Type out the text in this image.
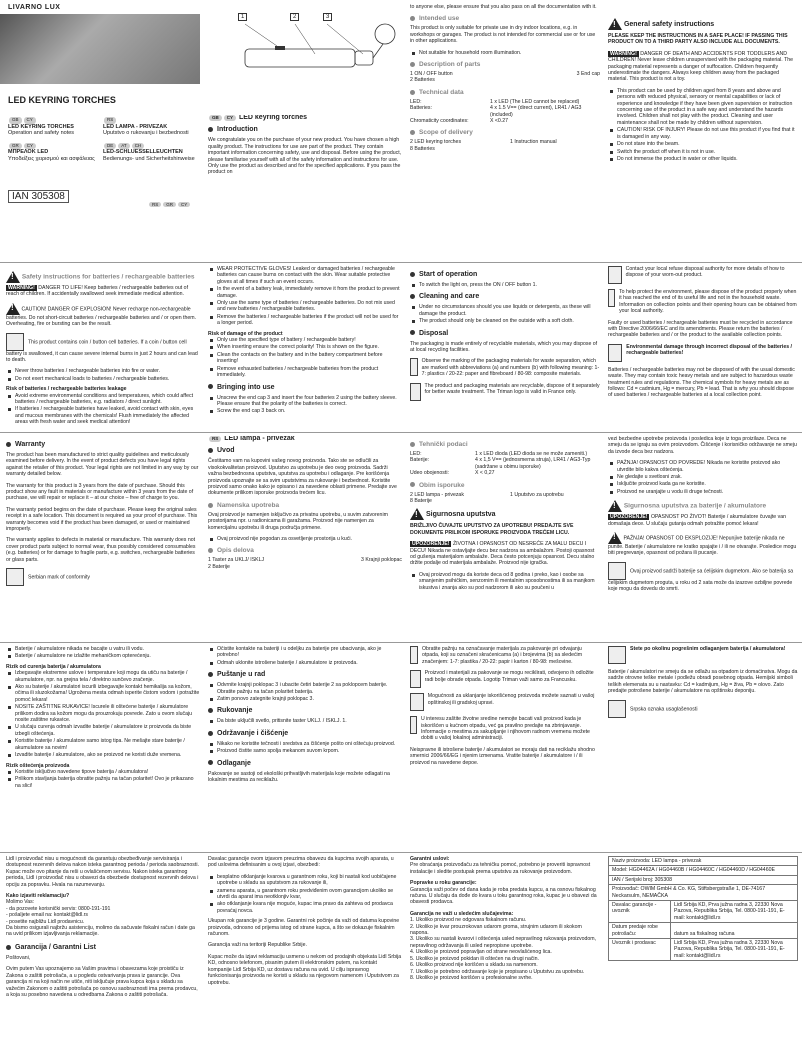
LIVARNO LUX
LED KEYRING TORCHES
GB CY
LED KEYRING TORCHES
Operation and safety notes
RS
LED LAMPA - PRIVEZAK
Uputstvo o rukovanju i bezbednosti
GR CY
ΜΠΡΕΛΟΚ LED
Υποδείξεις χειρισμού και ασφάλειας
DE AT CH
LED-SCHLUESSELLEUCHTEN
Bedienungs- und Sicherheitshinweise
IAN 305308
RS GR CY
1	2	3
GB CY LED keyring torches
Introduction

We congratulate you on the purchase of your new product. You have chosen a high quality product. The instructions for use are part of the product. They contain important information concerning safety, use and disposal. Before using the product, please familiarise yourself with all of the safety information and instructions for use. Only use the product as described and for the specified applications. If you pass the product on

to anyone else, please ensure that you also pass on all the documentation with it.

Intended use

This product is only suitable for private use in dry indoor locations, e.g. in workshops or garages. The product is not intended for commercial use or for use in other applications.

Not suitable for household room illumination.
Description of parts
1 ON / OFF button	3 End cap
2 Batteries
Technical data
LED:	1 x LED (The LED cannot be replaced)
Batteries:	4 x 1.5 V== (direct current), LR41 / AG3 (included)
Chromaticity coordinates:	X <0.27
Scope of delivery
2 LED keyring torches	1 Instruction manual
8 Batteries
! General safety instructions

PLEASE KEEP THE INSTRUCTIONS IN A SAFE PLACE! IF PASSING THIS PRODUCT ON TO A THIRD PARTY ALSO INCLUDE ALL DOCUMENTS.

WARNING! DANGER OF DEATH AND ACCIDENTS FOR TODDLERS AND CHILDREN! Never leave children unsupervised with the packaging material. The packaging material represents a danger of suffocation. Children frequently underestimate the dangers. Always keep children away from the packaged material. This product is not a toy.

This product can be used by children aged from 8 years and above and persons with reduced physical, sensory or mental capabilities or lack of experience and knowledge if they have been given supervision or instruction concerning use of the product in a safe way and understand the hazards involved. Children shall not play with the product. Cleaning and user maintenance shall not be made by children without supervision.
CAUTION! RISK OF INJURY! Please do not use this product if you find that it is damaged in any way.
Do not stare into the beam.
Switch the product off when it is not in use.
Do not immerse the product in water or other liquids.
! Safety instructions for batteries / rechargeable batteries

WARNING! DANGER TO LIFE! Keep batteries / rechargeable batteries out of reach of children. If accidentally swallowed seek immediate medical attention.

! CAUTION! DANGER OF EXPLOSION! Never recharge non-rechargeable batteries. Do not short-circuit batteries / rechargeable batteries and / or open them. Overheating, fire or bursting can be the result.

This product contains coin / button cell batteries. If a coin / button cell battery is swallowed, it can cause severe internal burns in just 2 hours and can lead to death.

Never throw batteries / rechargeable batteries into fire or water.
Do not exert mechanical loads to batteries / rechargeable batteries.
Risk of batteries / rechargeable batteries leakage
Avoid extreme environmental conditions and temperatures, which could affect batteries / rechargeable batteries, e.g. radiators / direct sunlight.
If batteries / rechargeable batteries have leaked, avoid contact with skin, eyes and mucous membranes with the chemicals! Flush immediately the affected areas with fresh water and seek medical attention!
WEAR PROTECTIVE GLOVES! Leaked or damaged batteries / rechargeable batteries can cause burns on contact with the skin. Wear suitable protective gloves at all times if such an event occurs.
In the event of a battery leak, immediately remove it from the product to prevent damage.
Only use the same type of batteries / rechargeable batteries. Do not mix used and new batteries / rechargeable batteries.
Remove the batteries / rechargeable batteries if the product will not be used for a longer period.
Risk of damage of the product
Only use the specified type of battery / rechargeable battery!
When inserting ensure the correct polarity! This is shown on the figure.
Clean the contacts on the battery and in the battery compartment before inserting!
Remove exhausted batteries / rechargeable batteries from the product immediately.
Bringing into use
Unscrew the end cap 3 and insert the four batteries 2 using the battery sleeve. Please ensure that the polarity of the batteries is correct.
Screw the end cap 3 back on.
Start of operation
To switch the light on, press the ON / OFF button 1.
Cleaning and care
Under no circumstances should you use liquids or detergents, as these will damage the product.
The product should only be cleaned on the outside with a soft cloth.
Disposal

The packaging is made entirely of recyclable materials, which you may dispose of at local recycling facilities.

Observe the marking of the packaging materials for waste separation, which are marked with abbreviations (a) and numbers (b) with following meaning: 1-7: plastics / 20-22: paper and fibreboard / 80-98: composite materials.

The product and packaging materials are recyclable, dispose of it separately for better waste treatment. The Triman logo is valid in France only.

Contact your local refuse disposal authority for more details of how to dispose of your worn-out product.

To help protect the environment, please dispose of the product properly when it has reached the end of its useful life and not in the household waste. Information on collection points and their opening hours can be obtained from your local authority.

Faulty or used batteries / rechargeable batteries must be recycled in accordance with Directive 2006/66/EC and its amendments. Please return the batteries / rechargeable batteries and / or the product to the available collection points.

Environmental damage through incorrect disposal of the batteries / rechargeable batteries!

Batteries / rechargeable batteries may not be disposed of with the usual domestic waste. They may contain toxic heavy metals and are subject to hazardous waste treatment rules and regulations. The chemical symbols for heavy metals are as follows: Cd = cadmium, Hg = mercury, Pb = lead. That is why you should dispose of used batteries / rechargeable batteries at a local collection point.

Warranty

The product has been manufactured to strict quality guidelines and meticulously examined before delivery. In the event of product defects you have legal rights against the retailer of this product. Your legal rights are not limited in any way by our warranty detailed below.

The warranty for this product is 3 years from the date of purchase. Should this product show any fault in materials or manufacture within 3 years from the date of purchase, we will repair or replace it – at our choice – free of charge to you.

The warranty period begins on the date of purchase. Please keep the original sales receipt in a safe location. This document is required as your proof of purchase. This warranty becomes void if the product has been damaged, or used or maintained improperly.

The warranty applies to defects in material or manufacture. This warranty does not cover product parts subject to normal wear, thus possibly considered consumables (e.g. batteries) or for damage to fragile parts, e.g. switches, rechargeable batteries or glass parts.

Serbian mark of conformity

RS LED lampa - privezak
Uvod

Čestitamo vam na kupovini vašeg novog proizvoda. Tako ste se odlučili za visokokvalitetan proizvod. Uputstvo za upotrebu je deo ovog proizvoda. Sadrži važna bezbednosna uputstva, uputstva za upotrebu i odlaganje. Pre korišćenja proizvoda upoznajte se sa svim uputstvima za rukovanje i bezbednost. Koristite proizvod samo onako kako je opisano i za navedene oblasti primene. Predajte sve dokumente prilikom isporuke proizvoda trećem licu.

Namenska upotreba

Ovaj proizvod je namenjen isključivo za privatnu upotrebu, u suvim zatvorenim prostorijama npr. u radionicama ili garažama. Proizvod nije namenjen za komercijalnu upotrebu ili druga područja primene.

Ovaj proizvod nije pogodan za osvetljenje prostorija u kući.
Opis delova
1 Taster za UKLJ/ ISKLJ	3 Krajnji poklopac
2 Baterije
Tehnički podaci
LED:	1 x LED dioda (LED dioda se ne može zameniti.)
Baterije:	4 x 1,5 V== (jednosmerna struja), LR41 / AG3-Typ (sadržane u obimu isporuke)
Udeo obojenosti:	X < 0,27
Obim isporuke
2 LED lampa - privezak	1 Uputstvo za upotrebu
8 Baterije
! Sigurnosna uputstva

BRIŽLJIVO ČUVAJTE UPUTSTVO ZA UPOTREBU! PREDAJTE SVE DOKUMENTE PRILIKOM ISPORUKE PROIZVODA TREĆEM LICU.

UPOZORENJE! ŽIVOTNA I OPASNOST OD NESREĆE ZA MALU DECU I DECU! Nikada ne ostavljajte decu bez nadzora sa ambalažom. Postoji opasnost od gušenja materijalom ambalaže. Deca često potcenjuju opasnost. Decu stalno držite podalje od materijala ambalaže. Proizvod nije igračka.

Ovaj proizvod mogu da koriste deca od 8 godina i preko, kao i osobe sa smanjenim psihičkim, senzornim ili mentalnim sposobnostima ili sa manjkom iskustva i znanja ako su pod nadzorom ili ako su poučeni u

vezi bezbedne upotrebe proizvoda i posledica koje iz toga proizilaze. Deca ne smeju da se igraju sa ovim proizvodom. Čišćenje i korisničko održavanje ne smeju da izvode deca bez nadzora.

PAŽNJA! OPASNOST OD POVREDE! Nikada ne koristite proizvod ako utvrdite bilo kakva oštećenja.
Ne gledajte u svetlosni zrak.
Isključite proizvod kada ga ne koristite.
Proizvod ne uranjajte u vodu ili druge tečnosti.
! Sigurnosna uputstva za baterije / akumulatore

UPOZORENJE! OPASNOST PO ŽIVOT! Baterije / akumulatore čuvajte van domašaja dece. U slučaju gutanja odmah potražite pomoć lekara!

! PAŽNJA! OPASNOST OD EKSPLOZIJE! Nepunjive baterije nikada ne punite. Baterije / akumulatore ne kratko spajajte i / ili ne otvarajte. Posledice mogu biti pregrevanje, opasnost od požara ili pucanje.

Ovaj proizvod sadrži baterije sa ćelijskim dugmetom. Ako se baterija sa ćelijskim dugmetom proguta, u roku od 2 sata može da izazove ozbiljne povrede koje mogu da dovedu do smrti.

Baterije / akumulatore nikada ne bacajte u vatru ili vodu.
Baterije / akumulatore ne izlažite mehaničkom opterećenju.
Rizik od curenja baterija / akumulatora
Izbegavajte ekstremne uslove i temperature koji mogu da utiču na baterije / akumulatore, npr. na grejna tela / direktno sunčevo zračenje.
Ako su baterije / akumulatori iscurili izbegavajte kontakt hemikalija sa kožom, očima ili sluzokožama! Ugrožena mesta odmah isperite čistom vodom i potražite pomoć lekara!
NOSITE ZAŠTITNE RUKAVICE! Iscurele ili oštećene baterije / akumulatore prilikom dodira sa kožom mogu da prouzrokuju povrede. Zato u ovom slučaju nosite zaštitne rukavice.
U slučaju curenja odmah izvadite baterije / akumulatore iz proizvoda da biste izbegli oštećenja.
Koristite baterije / akumulatore samo istog tipa. Ne mešajte stare baterije / akumulatore sa novim!
Izvadite baterije / akumulatore, ako se proizvod ne koristi duže vremena.
Rizik oštećenja proizvoda
Koristite isključivo navedene tipove baterija / akumulatora!
Prilikom stavljanja baterija obratite pažnju na tačan polaritet! Ovo je prikazano na slici!
Očistite kontakte na bateriji i u odeljku za baterije pre ubacivanja, ako je potrebno!
Odmah uklonite istrošene baterije / akumulatore iz proizvoda.
Puštanje u rad
Odvrnite krajnji poklopac 3 i ubacite četiri baterije 2 sa poklopcem baterije. Obratite pažnju na tačan polaritet baterija.
Zatim ponovo zategnite krajnji poklopac 3.
Rukovanje
Da biste uključili svetlo, pritisnite taster UKLJ. / ISKLJ. 1.
Održavanje i čišćenje
Nikako ne koristite tečnosti i sredstva za čišćenje pošto oni oštećuju proizvod.
Proizvod čistite samo spolja mekanom suvom krpom.
Odlaganje

Pakovanje se sastoji od ekološki prihvatljivih materijala koje možete odlagati na lokalnim mestima za reciklažu.

Obratite pažnju na označavanje materijala za pakovanje pri odvajanju otpada, koji su označeni skraćenicama (a) i brojevima (b) sa sledećim značenjem: 1-7: plastika / 20-22: papir i karton / 80-98: mešovine.

Proizvod i materijali za pakovanje se mogu reciklirati, odvojeno ih odložite radi bolje obrade otpada. Logotip Triman važi samo za Francusku.

Mogućnosti za uklanjanje iskorišćenog proizvoda možete saznati u vašoj opštinskoj ili gradskoj upravi.

U interesu zaštite životne sredine nemojte bacati vaš proizvod kada je iskorišćen u kućnom otpadu, već ga pravilno predajte na zbrinjavanje. Informacije o mestima za sakupljanje i njihovom radnom vremenu možete dobiti u vašoj lokalnoj administraciji.

Neispravne ili istrošene baterije / akumulatori se moraju dati na reciklažu shodno smernici 2006/66/EG i njenim izmenama. Vratite baterije / akumulatore i / ili proizvod na navedene depoe.

Štete po okolinu pogrešnim odlaganjem baterija / akumulatora!

Baterije / akumulatori ne smeju da se odlažu sa otpadom iz domaćinstva. Mogu da sadrže otrovne teške metale i podležu obradi posebnog otpada. Hemijski simboli teških elemenata su u nastavku: Cd = kadmijum, Hg = živa, Pb = olovo. Zato predajte potrošene baterije / akumulatore na opštinsku deponiju.

Srpska oznaka usaglašenosti

Lidl i proizvođač nisu u mogućnosti da garantuju obezbeđivanje servisiranja i dostupnost rezervnih delova nakon isteka garantnog perioda / perioda saobraznosti. Kupac može ovo pitanje da reši u ovlašćenom servisu. Nakon isteka garantnog perioda, Lidl i proizvođač nisu u obavezi da obezbede dostupnost rezervnih delova i opciju za popravku. Hvala na razumevanju.

Kako izjaviti reklamaciju?
Molimo Vas:
- da pozovete korisnički servis: 0800-191-191
- pošaljete email na: kontakt@lidl.rs
- posetite najbližu Lidl prodavnicu.

Da bismo osigurali najbržu asistenciju, molimo da sačuvate fiskalni račun i date ga na uvid prilikom izjavljivanja reklamacije.

Garancija / Garantni List

Poštovani,

Ovim putem Vas upoznajemo sa Vašim pravima i obavezama koje proističu iz Zakona o zaštiti potrošača, a u pogledu ostvarivanja prava iz garancije. Ova garancija ni na koji način ne utiče, niti isključuje prava kupca koja u skladu sa važećim Zakonom o zaštiti potrošača po osnovu saobraznosti ima prema prodavcu, a koja su posebno navedena u odredbama Zakona o zaštiti potrošača.

Davalac garancije ovom izjavom preuzima obavezu da kupcima svojih aparata, u pod uslovima definisanim u ovoj izjavi, obezbedi:

besplatno otklanjanje kvarova u garantnom roku, koji bi nastali kod uobičajene upotrebe u skladu sa uputstvom za rukovanje ili,
zamenu aparata, u garantnom roku predviđenim ovom garancijom ukoliko se utvrdi da aparat ima neotklonjiv kvar,
ako otklanjanje kvara nije moguće, kupac ima pravo da zahteva od prodavca povraćaj novca.

Ukupan rok garancije je 3 godine. Garantni rok počinje da važi od datuma kupovine proizvoda, odnosno od prijema istog od strane kupca, a što se dokazuje fiskalnim računom.

Garancija važi na teritoriji Republike Srbije.

Kupac može da izjavi reklamaciju usmeno u nekom od prodajnih objekata Lidl Srbija KD, odnosno telefonom, pisanim putem ili elektronskim putem, na kontakt kompanije Lidl Srbija KD, uz dostavu računa na uvid. U cilju ispravnog funkcionisanja proizvoda ne koristi u skladu sa njegovom namenom i Uputstvom za upotrebu.

Garantni uslovi:

Pre obraćanja proizvođaču za tehničku pomoć, potrebno je proveriti ispravnost instalacije i sledite postupak prema uputstvu za rukovanje proizvodom.

Popravke u roku garancije:

Garancija važi počev od dana kada je roba predata kupcu, a na osnovu fiskalnog računa. U slučaju da dođe do kvara u toku garantnog roka, kupac je u obavezi da obavesti prodavca.

Garancija ne važi u sledećim slučajevima:
1. Ukoliko proizvod ne odgovara fiskalnom računu.
2. Ukoliko je kvar prouzrokovan udarom groma, strujnim udarom ili skokom napona.
3. Ukoliko su nastali kvarovi i oštećenja usled nepravilnog rukovanja proizvodom, nepravilnog održavanja ili usled nepropisne upotrebe.
4. Ukoliko je proizvod popravljan od strane neovlašćenog lica.
5. Ukoliko je proizvod pokidan ili oštećen na drugi način.
6. Ukoliko proizvod nije korišćen u skladu sa namenom.
7. Ukoliko je potrebno održavanje koje je propisano u Uputstvu za upotrebu.
8. Ukoliko je proizvod korišćen u profesionalne svrhe.
Naziv proizvoda: LED lampa - privezak	
Model: HG04462A / HG04460B / HG04460C / HG04460D / HG04460E	
IAN / Serijski broj: 305308	
Proizvođač: OWIM GmbH & Co. KG, Stiftsbergstraße 1, DE-74167 Neckarsulm, NEMAČKA	
Davalac garancije - uvoznik	Lidl Srbija KD, Prva južna radna 3, 22330 Nova Pazova, Republika Srbija, Tel. 0800-191-191, E-mail: kontakt@lidl.rs
Datum predaje robe potrošaču:	datum sa fiskalnog računa
Uvoznik i prodavac	Lidl Srbija KD, Prva južna radna 3, 22330 Nova Pazova, Republika Srbija, Tel. 0800-191-191, E-mail: kontakt@lidl.rs
